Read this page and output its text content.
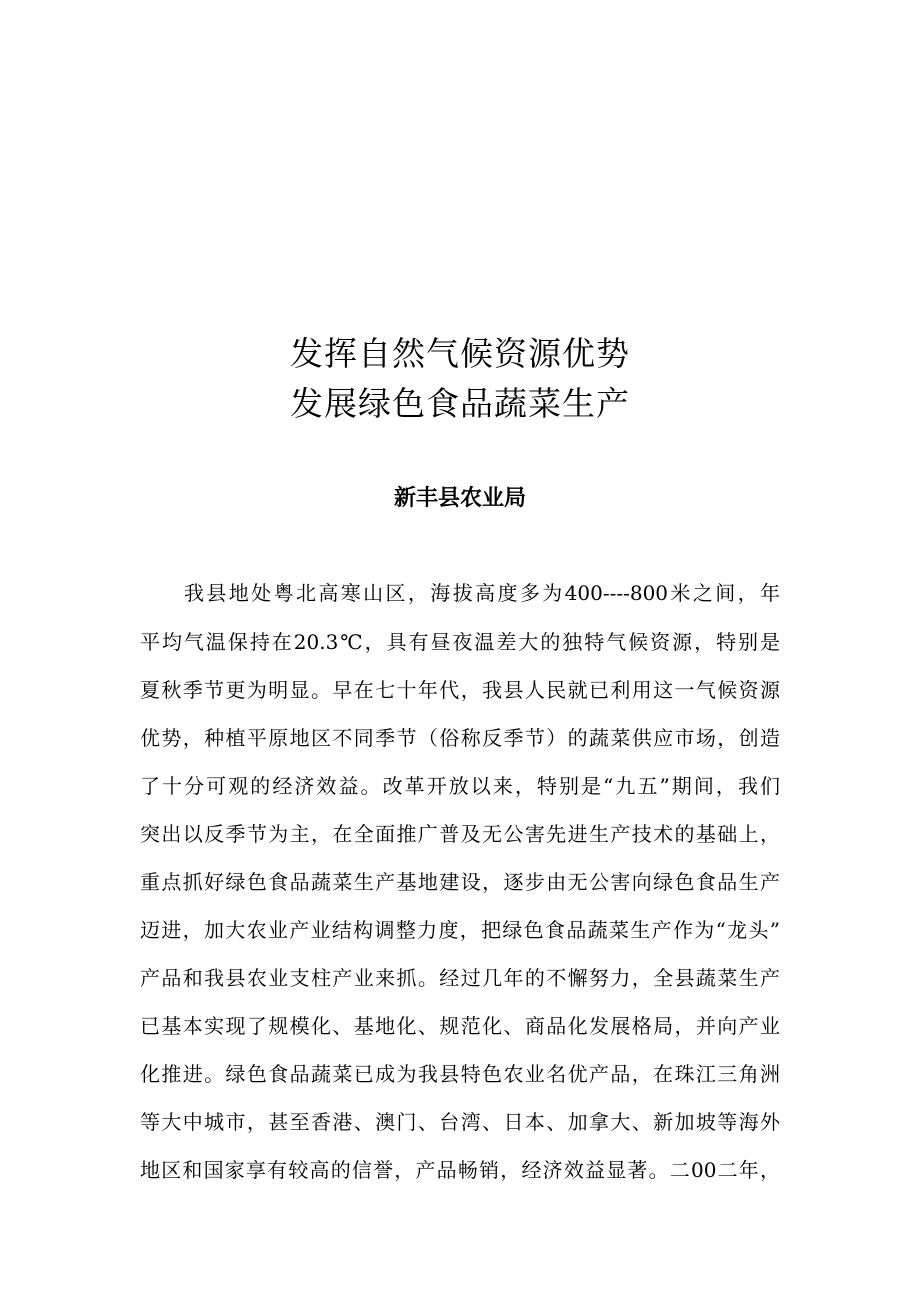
发挥自然气候资源优势
发展绿色食品蔬菜生产
新丰县农业局
我县地处粤北高寒山区，海拔高度多为400----800米之间，年
平均气温保持在20.3℃，具有昼夜温差大的独特气候资源，特别是
夏秋季节更为明显。早在七十年代，我县人民就已利用这一气候资源
优势，种植平原地区不同季节（俗称反季节）的蔬菜供应市场，创造
了十分可观的经济效益。改革开放以来，特别是“九五”期间，我们
突出以反季节为主，在全面推广普及无公害先进生产技术的基础上，
重点抓好绿色食品蔬菜生产基地建设，逐步由无公害向绿色食品生产
迈进，加大农业产业结构调整力度，把绿色食品蔬菜生产作为“龙头”
产品和我县农业支柱产业来抓。经过几年的不懈努力，全县蔬菜生产
已基本实现了规模化、基地化、规范化、商品化发展格局，并向产业
化推进。绿色食品蔬菜已成为我县特色农业名优产品，在珠江三角洲
等大中城市，甚至香港、澳门、台湾、日本、加拿大、新加坡等海外
地区和国家享有较高的信誉，产品畅销，经济效益显著。二00二年，
